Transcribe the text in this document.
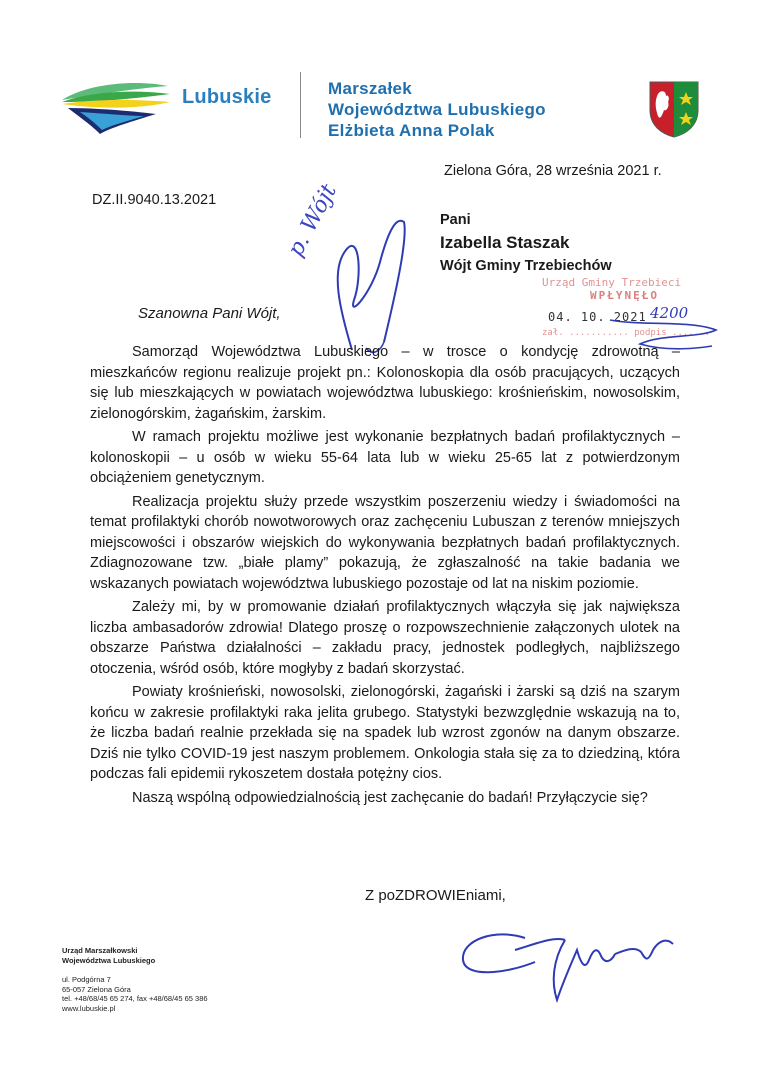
Lubuskie	Marszałek
Województwa Lubuskiego
Elżbieta Anna Polak
Zielona Góra, 28 września 2021 r.
DZ.II.9040.13.2021
Pani
Izabella Staszak
Wójt Gminy Trzebiechów
Urząd Gminy Trzebieci
WPŁYNĘŁO
04. 10. 2021
zał. ........... podpis .......
4200
p. Wójt
Szanowna Pani Wójt,

Samorząd Województwa Lubuskiego – w trosce o kondycję zdrowotną – mieszkańców regionu realizuje projekt pn.: Kolonoskopia dla osób pracujących, uczących się lub mieszkających w powiatach województwa lubuskiego: krośnieńskim, nowosolskim, zielonogórskim, żagańskim, żarskim.

W ramach projektu możliwe jest wykonanie bezpłatnych badań profilaktycznych – kolonoskopii – u osób w wieku 55-64 lata lub w wieku 25-65 lat z potwierdzonym obciążeniem genetycznym.

Realizacja projektu służy przede wszystkim poszerzeniu wiedzy i świadomości na temat profilaktyki chorób nowotworowych oraz zachęceniu Lubuszan z terenów mniejszych miejscowości i obszarów wiejskich do wykonywania bezpłatnych badań profilaktycznych. Zdiagnozowane tzw. „białe plamy” pokazują, że zgłaszalność na takie badania we wskazanych powiatach województwa lubuskiego pozostaje od lat na niskim poziomie.

Zależy mi, by w promowanie działań profilaktycznych włączyła się jak największa liczba ambasadorów zdrowia! Dlatego proszę o rozpowszechnienie załączonych ulotek na obszarze Państwa działalności – zakładu pracy, jednostek podległych, najbliższego otoczenia, wśród osób, które mogłyby z badań skorzystać.

Powiaty krośnieński, nowosolski, zielonogórski, żagański i żarski są dziś na szarym końcu w zakresie profilaktyki raka jelita grubego. Statystyki bezwzględnie wskazują na to, że liczba badań realnie przekłada się na spadek lub wzrost zgonów na danym obszarze. Dziś nie tylko COVID-19 jest naszym problemem. Onkologia stała się za to dziedziną, która podczas fali epidemii rykoszetem dostała potężny cios.

Naszą wspólną odpowiedzialnością jest zachęcanie do badań! Przyłączycie się?

Z poZDROWIEniami,
Urząd Marszałkowski
Województwa Lubuskiego
ul. Podgórna 7
65-057 Zielona Góra
tel. +48/68/45 65 274, fax +48/68/45 65 386
www.lubuskie.pl
